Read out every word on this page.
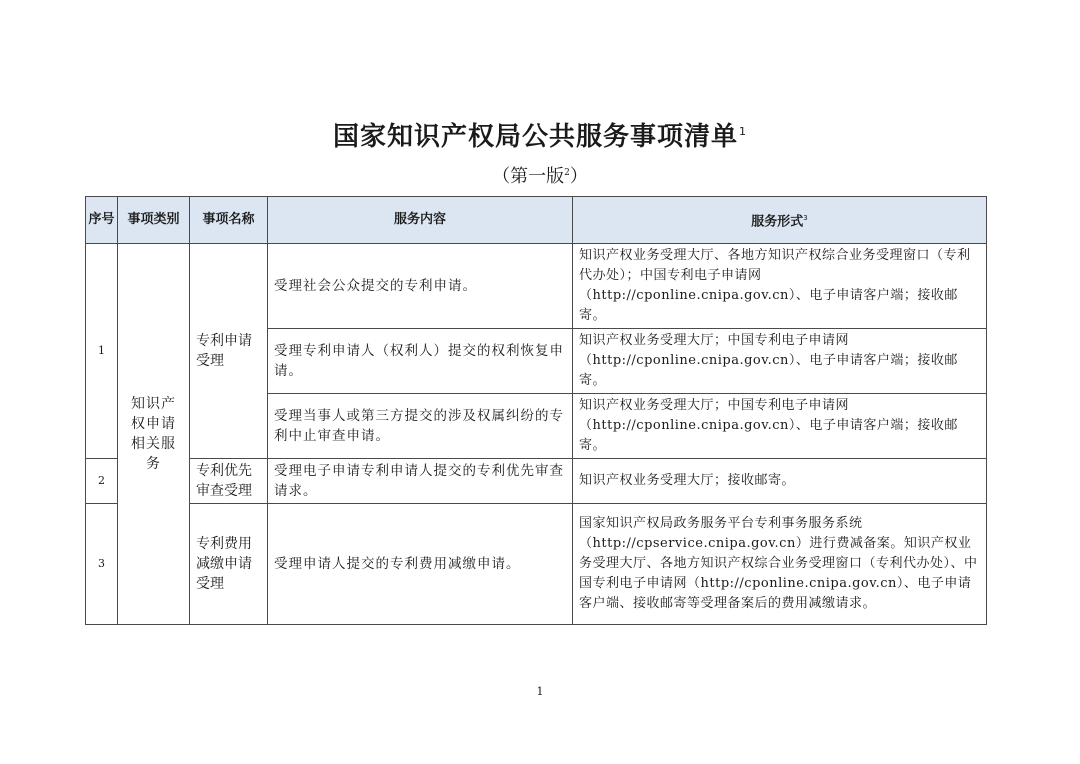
国家知识产权局公共服务事项清单$^1$
（第一版$^2$）
序号	事项类别	事项名称	服务内容	服务形式$^3$
1	知识产权申请相关服务	专利申请受理	受理社会公众提交的专利申请。	知识产权业务受理大厅、各地方知识产权综合业务受理窗口（专利代办处）；中国专利电子申请网（http://cponline.cnipa.gov.cn）、电子申请客户端；接收邮寄。
			受理专利申请人（权利人）提交的权利恢复申请。	知识产权业务受理大厅；中国专利电子申请网（http://cponline.cnipa.gov.cn）、电子申请客户端；接收邮寄。
			受理当事人或第三方提交的涉及权属纠纷的专利中止审查申请。	知识产权业务受理大厅；中国专利电子申请网（http://cponline.cnipa.gov.cn）、电子申请客户端；接收邮寄。
2		专利优先审查受理	受理电子申请专利申请人提交的专利优先审查请求。	知识产权业务受理大厅；接收邮寄。
3		专利费用减缴申请受理	受理申请人提交的专利费用减缴申请。	国家知识产权局政务服务平台专利事务服务系统（http://cpservice.cnipa.gov.cn）进行费减备案。知识产权业务受理大厅、各地方知识产权综合业务受理窗口（专利代办处）、中国专利电子申请网（http://cponline.cnipa.gov.cn）、电子申请客户端、接收邮寄等受理备案后的费用减缴请求。
1
